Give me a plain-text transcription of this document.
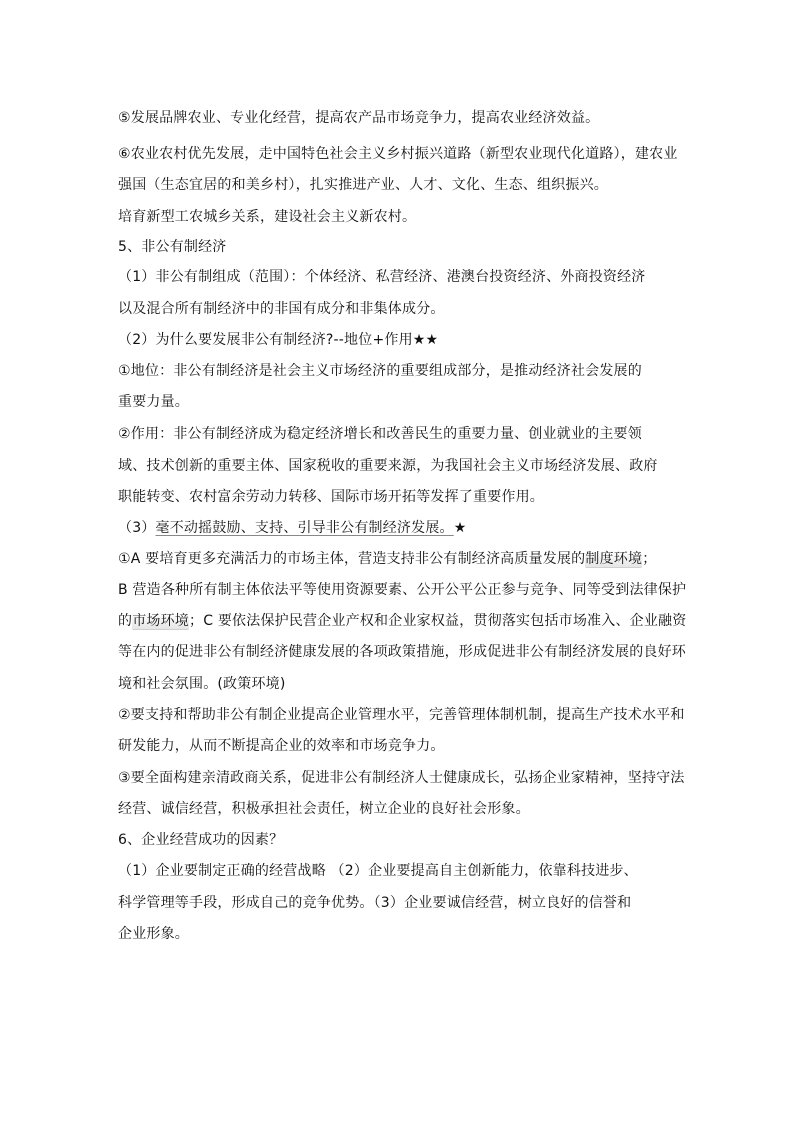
⑤发展品牌农业、专业化经营，提高农产品市场竞争力，提高农业经济效益。
⑥农业农村优先发展，走中国特色社会主义乡村振兴道路（新型农业现代化道路），建农业
强国（生态宜居的和美乡村），扎实推进产业、人才、文化、生态、组织振兴。
培育新型工农城乡关系，建设社会主义新农村。
5、非公有制经济
（1）非公有制组成（范围）：个体经济、私营经济、港澳台投资经济、外商投资经济
以及混合所有制经济中的非国有成分和非集体成分。
（2）为什么要发展非公有制经济?--地位+作用★★
①地位：非公有制经济是社会主义市场经济的重要组成部分，是推动经济社会发展的
重要力量。
②作用：非公有制经济成为稳定经济增长和改善民生的重要力量、创业就业的主要领
域、技术创新的重要主体、国家税收的重要来源，为我国社会主义市场经济发展、政府
职能转变、农村富余劳动力转移、国际市场开拓等发挥了重要作用。
（3）毫不动摇鼓励、支持、引导非公有制经济发展。★
①A 要培育更多充满活力的市场主体，营造支持非公有制经济高质量发展的制度环境；
B 营造各种所有制主体依法平等使用资源要素、公开公平公正参与竞争、同等受到法律保护
的市场环境；C 要依法保护民营企业产权和企业家权益，贯彻落实包括市场准入、企业融资
等在内的促进非公有制经济健康发展的各项政策措施，形成促进非公有制经济发展的良好环
境和社会氛围。(政策环境)
②要支持和帮助非公有制企业提高企业管理水平，完善管理体制机制，提高生产技术水平和
研发能力，从而不断提高企业的效率和市场竞争力。
③要全面构建亲清政商关系，促进非公有制经济人士健康成长，弘扬企业家精神，坚持守法
经营、诚信经营，积极承担社会责任，树立企业的良好社会形象。
6、企业经营成功的因素？
（1）企业要制定正确的经营战略 （2）企业要提高自主创新能力，依靠科技进步、
科学管理等手段，形成自己的竞争优势。（3）企业要诚信经营，树立良好的信誉和
企业形象。
